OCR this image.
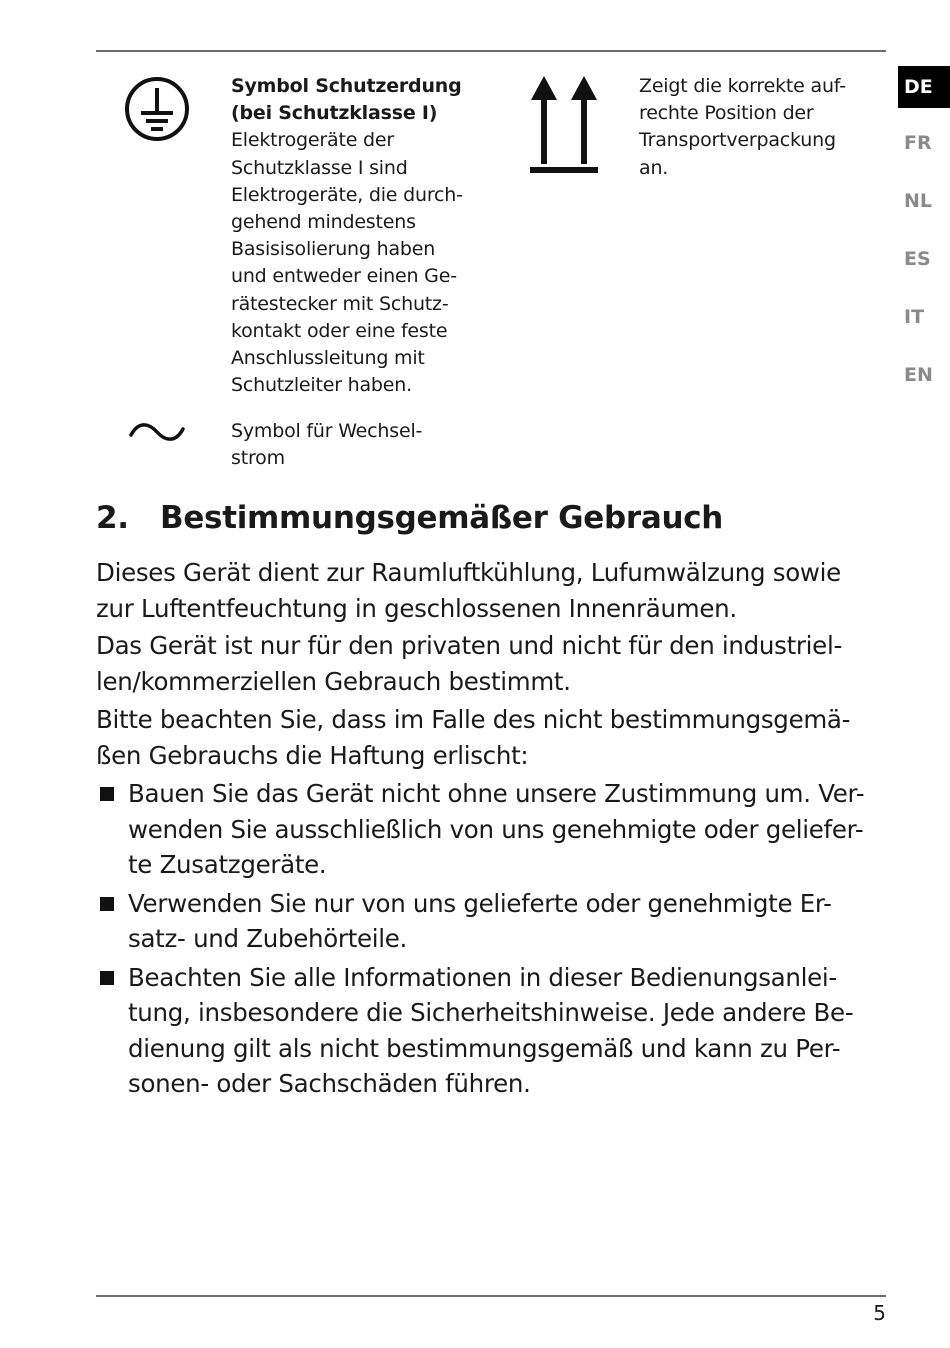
DE
FR
NL
ES
IT
EN
Symbol Schutzerdung
(bei Schutzklasse I)
Elektrogeräte der
Schutzklasse I sind
Elektrogeräte, die durch-
gehend mindestens
Basisisolierung haben
und entweder einen Ge-
rätestecker mit Schutz-
kontakt oder eine feste
Anschlussleitung mit
Schutzleiter haben.
Symbol für Wechsel-
strom
Zeigt die korrekte auf-
rechte Position der
Transportverpackung
an.
2. Bestimmungsgemäßer Gebrauch
Dieses Gerät dient zur Raumluftkühlung, Lufumwälzung sowie
zur Luftentfeuchtung in geschlossenen Innenräumen.
Das Gerät ist nur für den privaten und nicht für den industriel-
len/kommerziellen Gebrauch bestimmt.
Bitte beachten Sie, dass im Falle des nicht bestimmungsgemä-
ßen Gebrauchs die Haftung erlischt:
Bauen Sie das Gerät nicht ohne unsere Zustimmung um. Ver-
wenden Sie ausschließlich von uns genehmigte oder geliefer-
te Zusatzgeräte.
Verwenden Sie nur von uns gelieferte oder genehmigte Er-
satz- und Zubehörteile.
Beachten Sie alle Informationen in dieser Bedienungsanlei-
tung, insbesondere die Sicherheitshinweise. Jede andere Be-
dienung gilt als nicht bestimmungsgemäß und kann zu Per-
sonen- oder Sachschäden führen.
5
